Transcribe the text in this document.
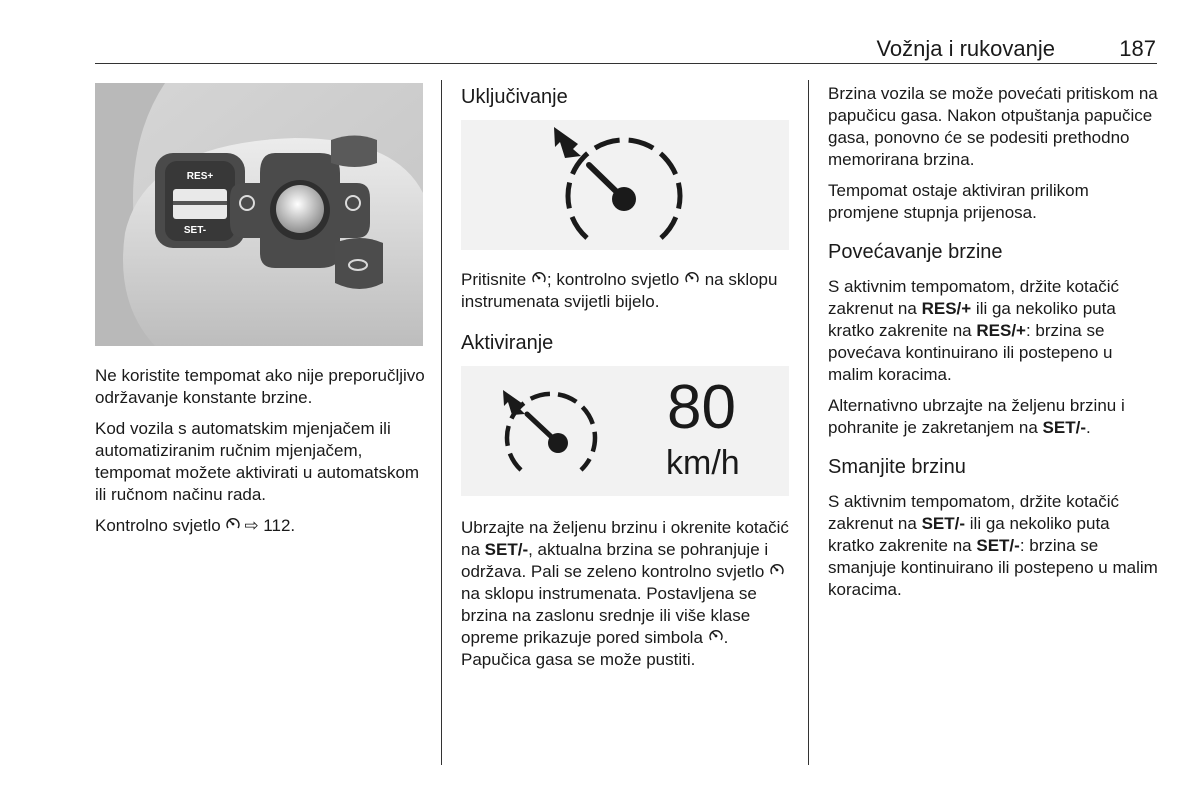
Vožnja i rukovanje	187
RES+
SET-

Ne koristite tempomat ako nije preporučljivo održavanje konstante brzine.

Kod vozila s automatskim mjenjačem ili automatiziranim ručnim mjenjačem, tempomat možete aktivirati u automatskom ili ručnom načinu rada.

Kontrolno svjetlo ⇨ 112.

Uključivanje

Pritisnite ; kontrolno svjetlo na sklopu instrumenata svijetli bijelo.

Aktiviranje
80
km/h

Ubrzajte na željenu brzinu i okrenite kotačić na SET/-, aktualna brzina se pohranjuje i održava. Pali se zeleno kontrolno svjetlo  na sklopu instrumenata. Postavljena se brzina na zaslonu srednje ili više klase opreme prikazuje pored simbola . Papučica gasa se može pustiti.

Brzina vozila se može povećati pritiskom na papučicu gasa. Nakon otpuštanja papučice gasa, ponovno će se podesiti prethodno memorirana brzina.

Tempomat ostaje aktiviran prilikom promjene stupnja prijenosa.

Povećavanje brzine

S aktivnim tempomatom, držite kotačić zakrenut na RES/+ ili ga nekoliko puta kratko zakrenite na RES/+: brzina se povećava kontinuirano ili postepeno u malim koracima.

Alternativno ubrzajte na željenu brzinu i pohranite je zakretanjem na SET/-.

Smanjite brzinu

S aktivnim tempomatom, držite kotačić zakrenut na SET/- ili ga nekoliko puta kratko zakrenite na SET/-: brzina se smanjuje kontinuirano ili postepeno u malim koracima.
